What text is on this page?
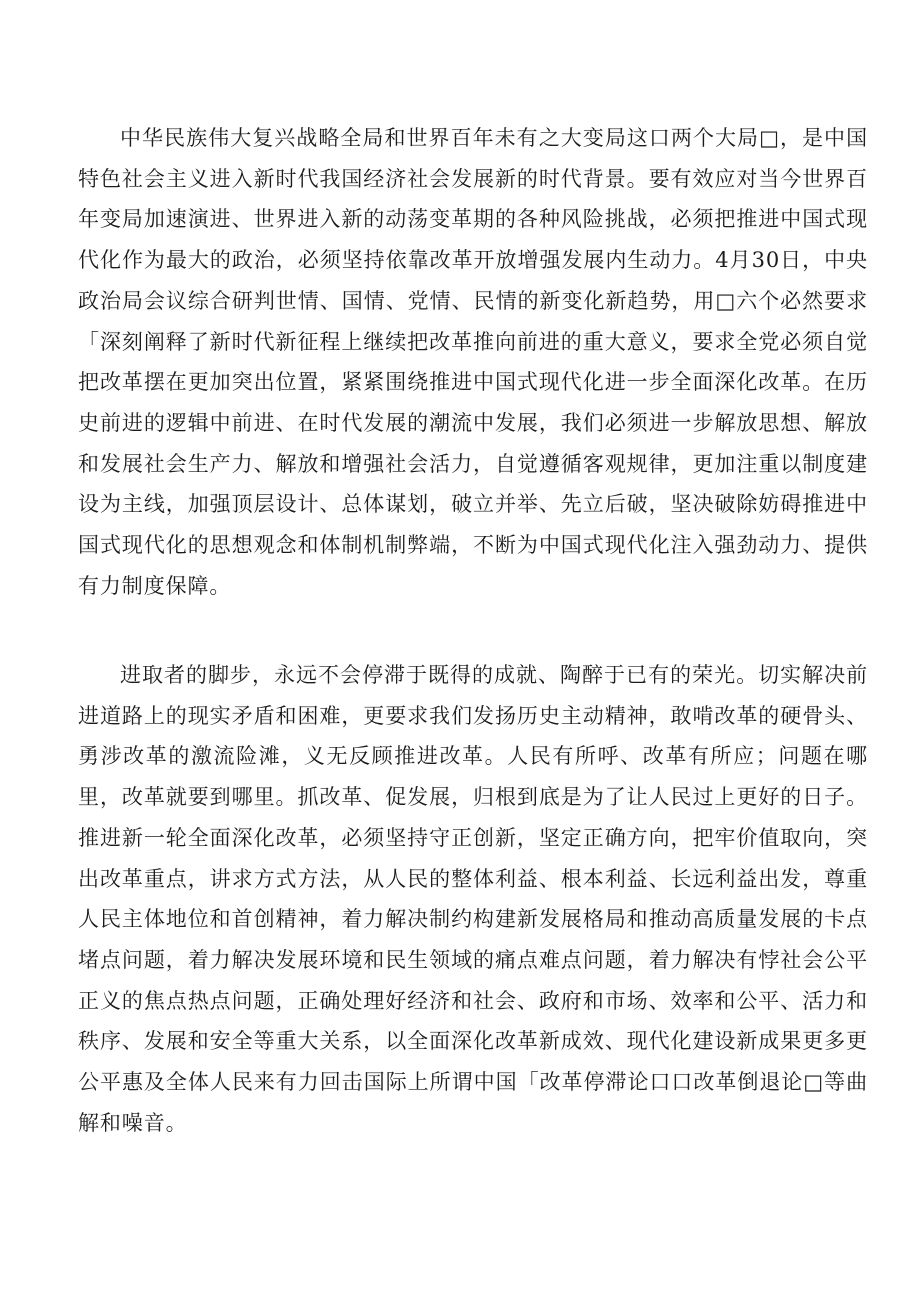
中华民族伟大复兴战略全局和世界百年未有之大变局这口两个大局□，是中国特色社会主义进入新时代我国经济社会发展新的时代背景。要有效应对当今世界百年变局加速演进、世界进入新的动荡变革期的各种风险挑战，必须把推进中国式现代化作为最大的政治，必须坚持依靠改革开放增强发展内生动力。4月30日，中央政治局会议综合研判世情、国情、党情、民情的新变化新趋势，用□六个必然要求「深刻阐释了新时代新征程上继续把改革推向前进的重大意义，要求全党必须自觉把改革摆在更加突出位置，紧紧围绕推进中国式现代化进一步全面深化改革。在历史前进的逻辑中前进、在时代发展的潮流中发展，我们必须进一步解放思想、解放和发展社会生产力、解放和增强社会活力，自觉遵循客观规律，更加注重以制度建设为主线，加强顶层设计、总体谋划，破立并举、先立后破，坚决破除妨碍推进中国式现代化的思想观念和体制机制弊端，不断为中国式现代化注入强劲动力、提供有力制度保障。

进取者的脚步，永远不会停滞于既得的成就、陶醉于已有的荣光。切实解决前进道路上的现实矛盾和困难，更要求我们发扬历史主动精神，敢啃改革的硬骨头、勇涉改革的激流险滩，义无反顾推进改革。人民有所呼、改革有所应；问题在哪里，改革就要到哪里。抓改革、促发展，归根到底是为了让人民过上更好的日子。推进新一轮全面深化改革，必须坚持守正创新，坚定正确方向，把牢价值取向，突出改革重点，讲求方式方法，从人民的整体利益、根本利益、长远利益出发，尊重人民主体地位和首创精神，着力解决制约构建新发展格局和推动高质量发展的卡点堵点问题，着力解决发展环境和民生领域的痛点难点问题，着力解决有悖社会公平正义的焦点热点问题，正确处理好经济和社会、政府和市场、效率和公平、活力和秩序、发展和安全等重大关系，以全面深化改革新成效、现代化建设新成果更多更公平惠及全体人民来有力回击国际上所谓中国「改革停滞论口口改革倒退论□等曲解和噪音。
